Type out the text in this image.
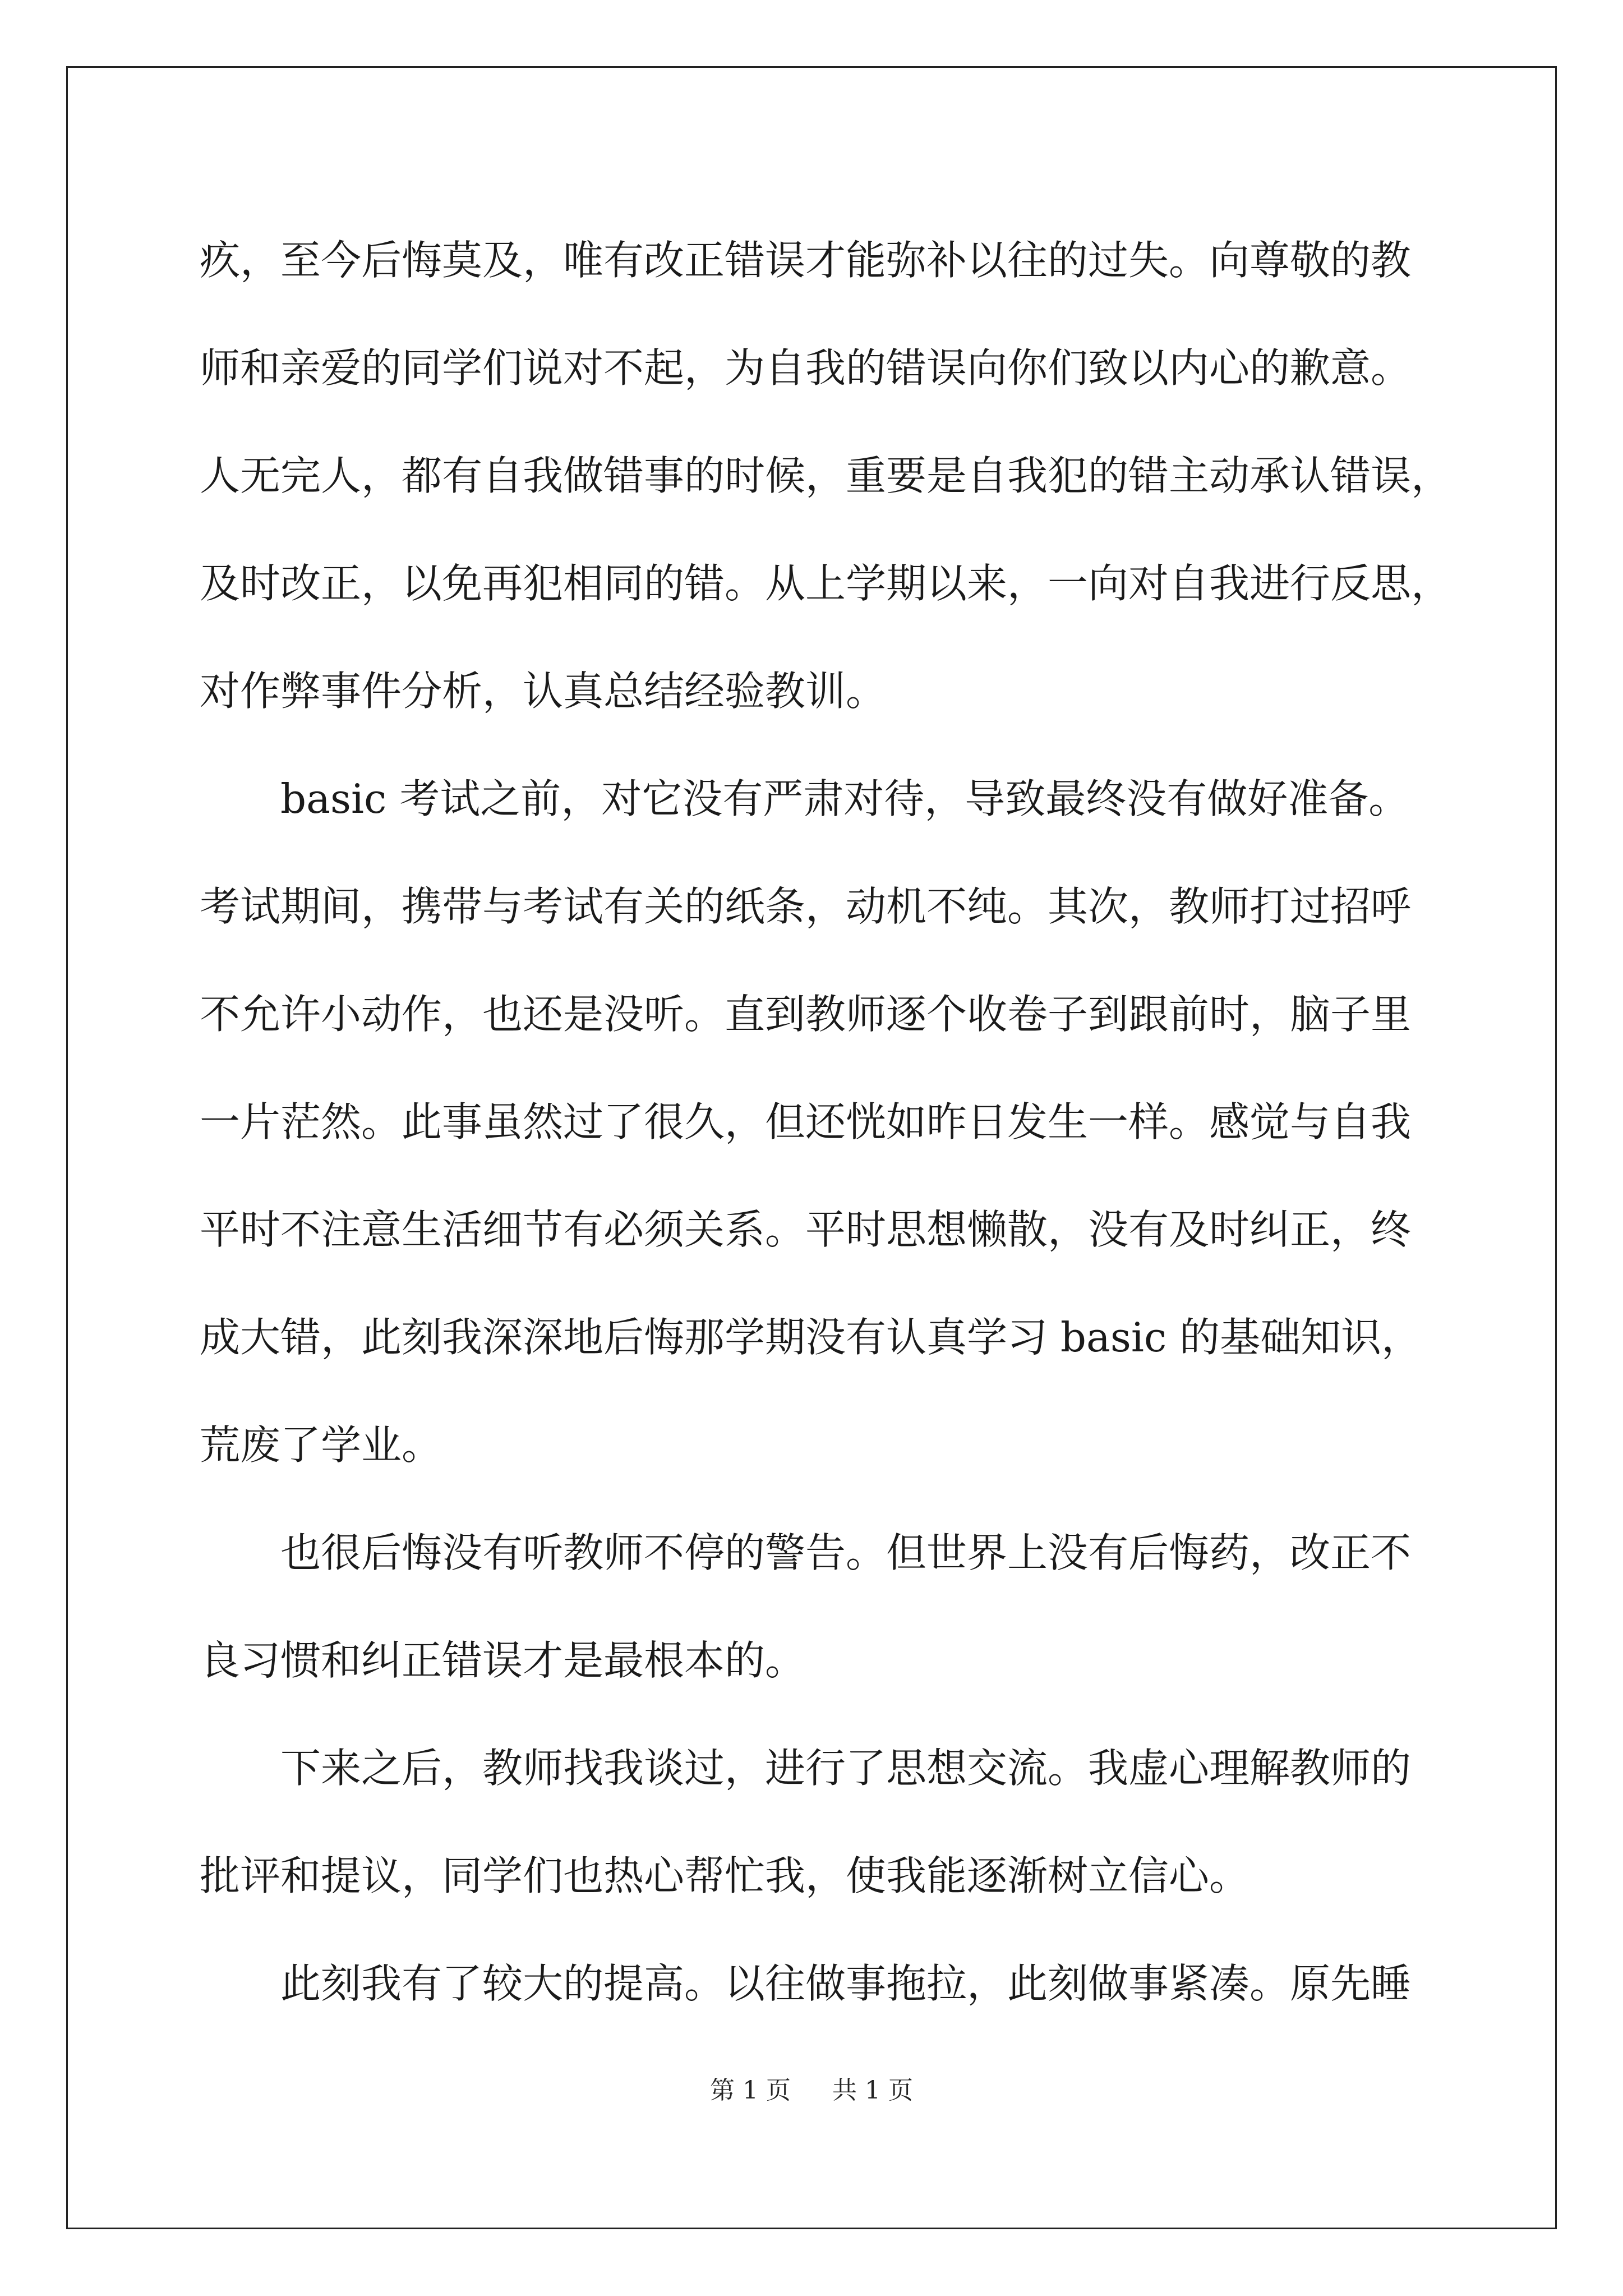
疚，至今后悔莫及，唯有改正错误才能弥补以往的过失。向尊敬的教
师和亲爱的同学们说对不起，为自我的错误向你们致以内心的歉意。
人无完人，都有自我做错事的时候，重要是自我犯的错主动承认错误，
及时改正，以免再犯相同的错。从上学期以来，一向对自我进行反思，
对作弊事件分析，认真总结经验教训。
basic 考试之前，对它没有严肃对待，导致最终没有做好准备。
考试期间，携带与考试有关的纸条，动机不纯。其次，教师打过招呼
不允许小动作，也还是没听。直到教师逐个收卷子到跟前时，脑子里
一片茫然。此事虽然过了很久，但还恍如昨日发生一样。感觉与自我
平时不注意生活细节有必须关系。平时思想懒散，没有及时纠正，终
成大错，此刻我深深地后悔那学期没有认真学习 basic 的基础知识，
荒废了学业。
也很后悔没有听教师不停的警告。但世界上没有后悔药，改正不
良习惯和纠正错误才是最根本的。
下来之后，教师找我谈过，进行了思想交流。我虚心理解教师的
批评和提议，同学们也热心帮忙我，使我能逐渐树立信心。
此刻我有了较大的提高。以往做事拖拉，此刻做事紧凑。原先睡
第 1 页 共 1 页
